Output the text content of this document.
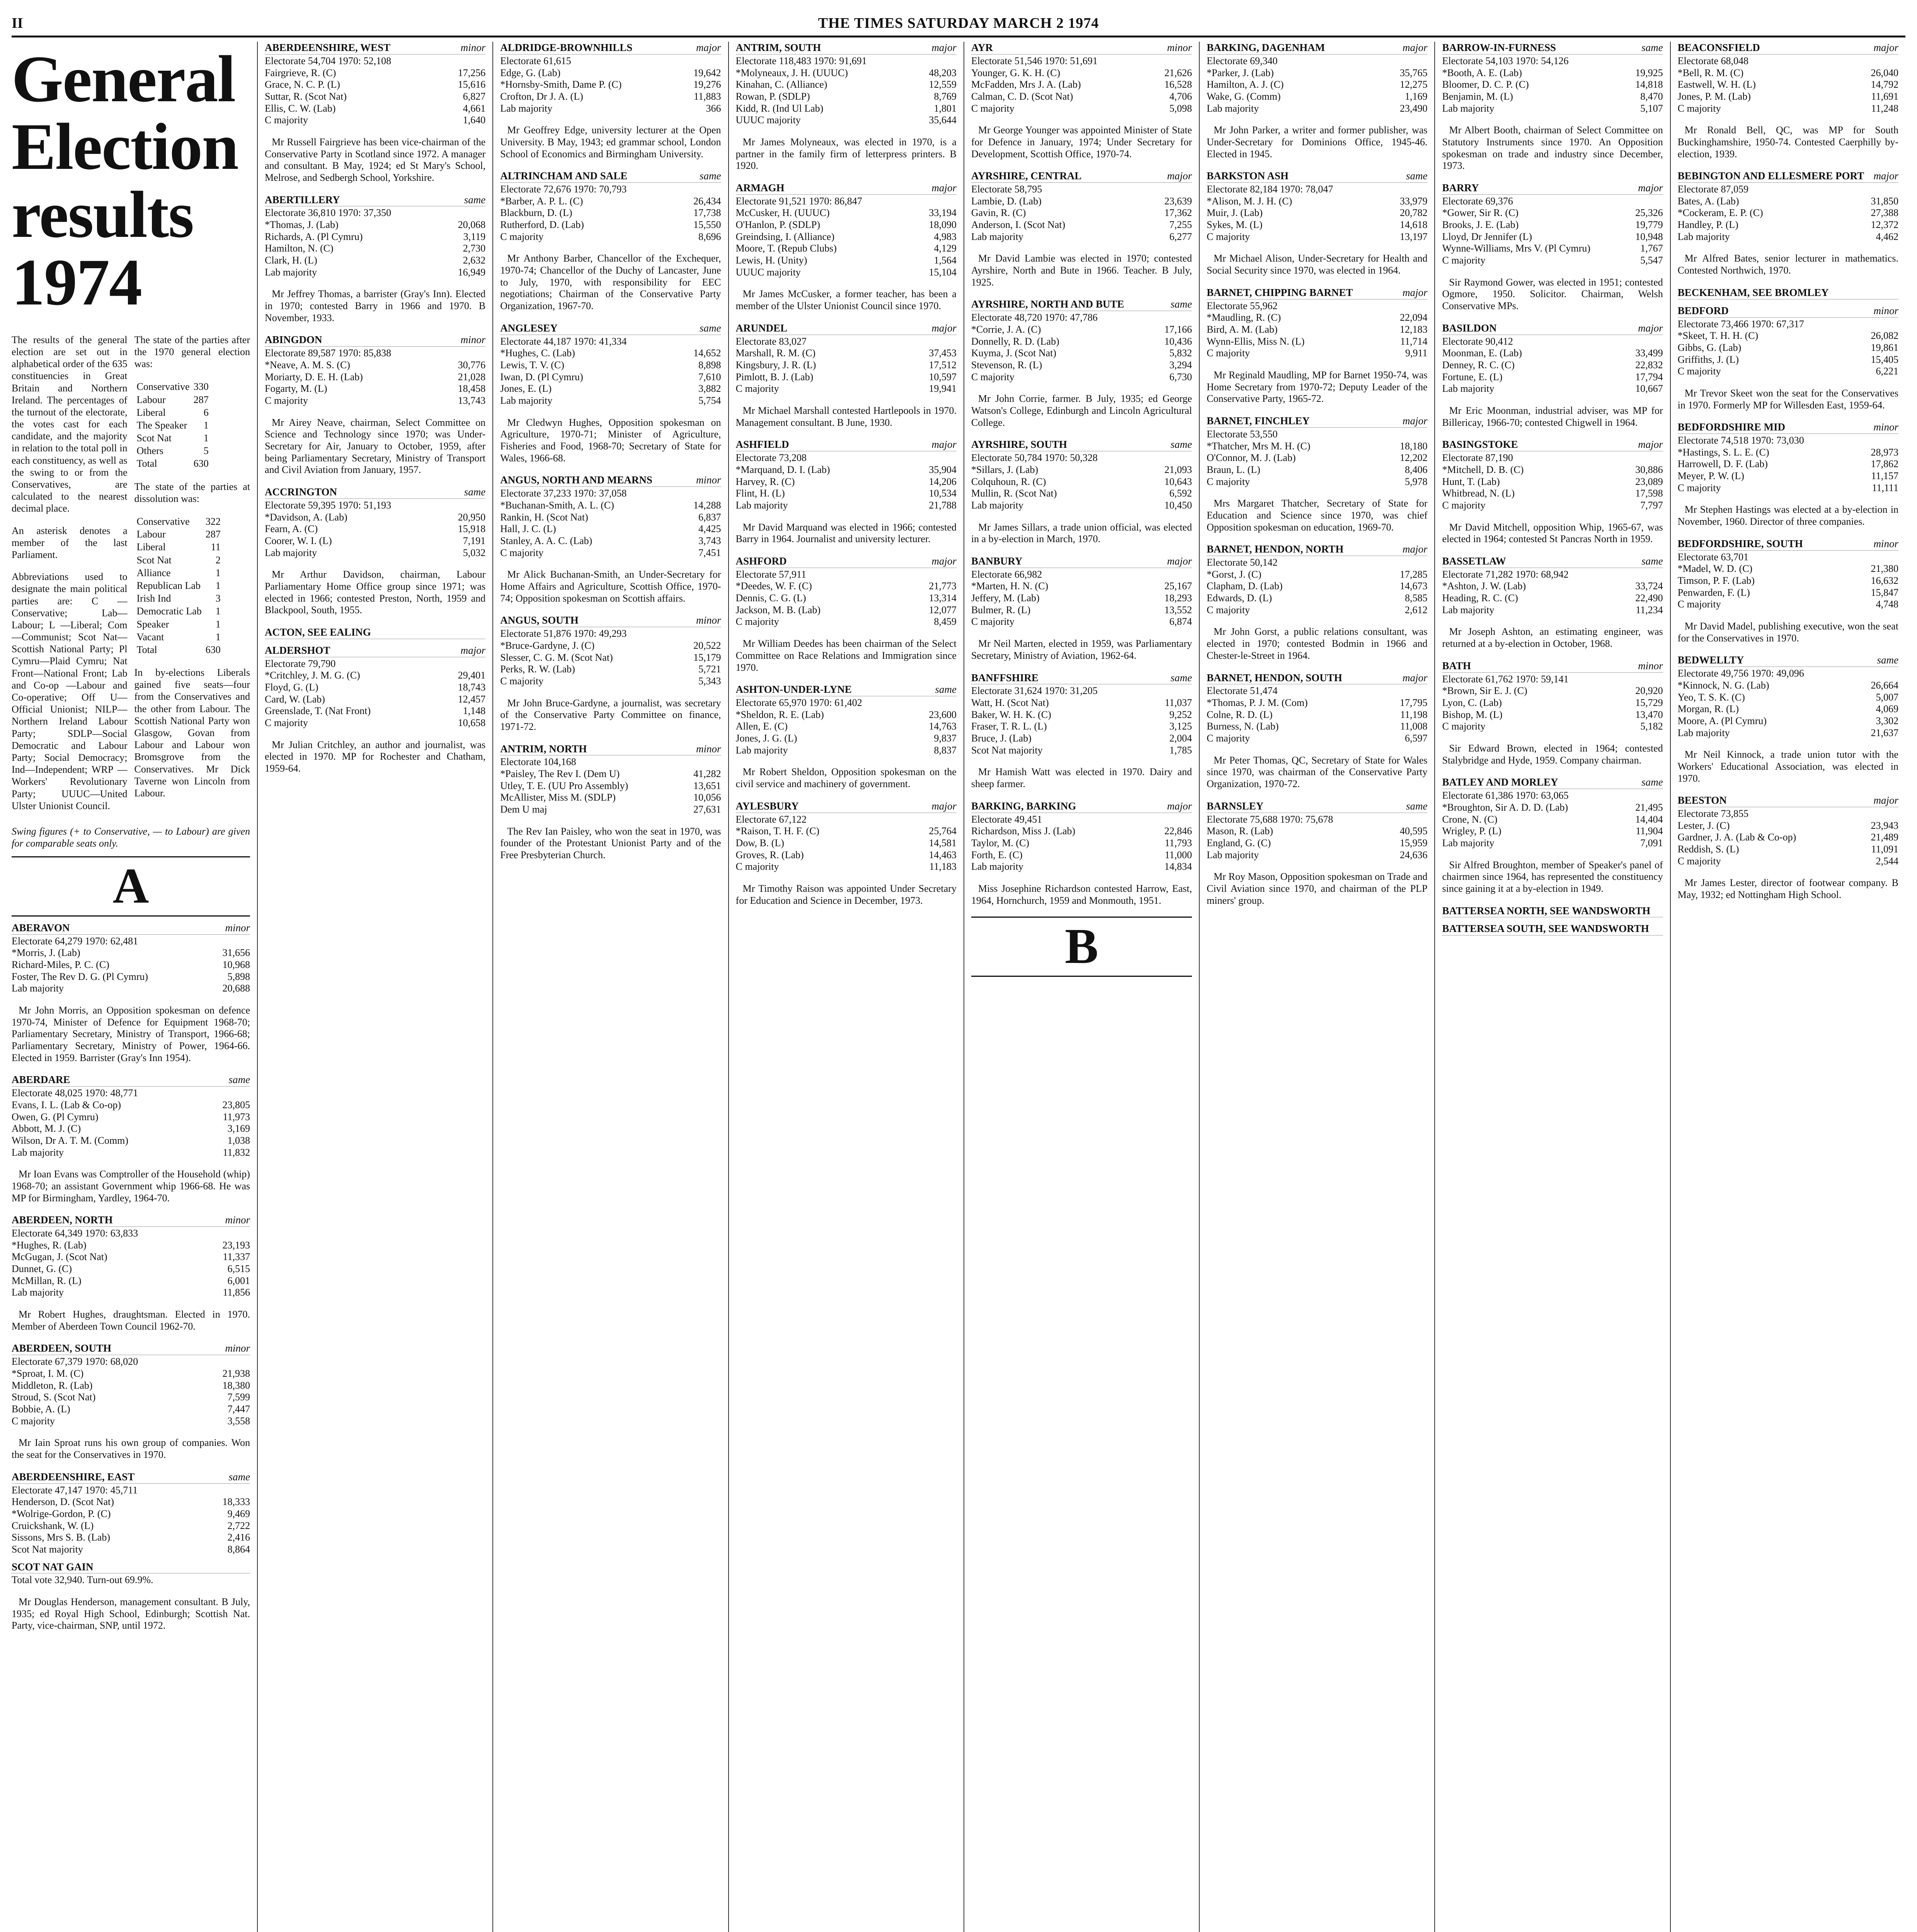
II	THE TIMES SATURDAY MARCH 2 1974
General Election results 1974

The results of the general election are set out in alphabetical order of the 635 constituencies in Great Britain and Northern Ireland. The percentages of the turnout of the electorate, the votes cast for each candidate, and the majority in relation to the total poll in each constituency, as well as the swing to or from the Conservatives, are calculated to the nearest decimal place.

An asterisk denotes a member of the last Parliament.

Abbreviations used to designate the main political parties are: C —Conservative; Lab—Labour; L —Liberal; Com—Communist; Scot Nat—Scottish National Party; Pl Cymru—Plaid Cymru; Nat Front—National Front; Lab and Co-op —Labour and Co-operative; Off U—Official Unionist; NILP—Northern Ireland Labour Party; SDLP—Social Democratic and Labour Party; Social Democracy; Ind—Independent; WRP —Workers' Revolutionary Party; UUUC—United Ulster Unionist Council.

The state of the parties after the 1970 general election was:

Conservative	330
Labour	287
Liberal	6
The Speaker	1
Scot Nat	1
Others	5
Total	630

The state of the parties at dissolution was:

Conservative	322
Labour	287
Liberal	11
Scot Nat	2
Alliance	1
Republican Lab	1
Irish Ind	3
Democratic Lab	1
Speaker	1
Vacant	1
Total	630

In by-elections Liberals gained five seats—four from the Conservatives and the other from Labour. The Scottish National Party won Glasgow, Govan from Labour and Labour won Bromsgrove from the Conservatives. Mr Dick Taverne won Lincoln from Labour.

Swing figures (+ to Conservative, — to Labour) are given for comparable seats only.

A
ABERAVON	minor
Electorate 64,279 1970: 62,481
*Morris, J. (Lab)	31,656
Richard-Miles, P. C. (C)	10,968
Foster, The Rev D. G. (Pl Cymru)	5,898
Lab majority	20,688

Mr John Morris, an Opposition spokesman on defence 1970-74, Minister of Defence for Equipment 1968-70; Parliamentary Secretary, Ministry of Transport, 1966-68; Parliamentary Secretary, Ministry of Power, 1964-66. Elected in 1959. Barrister (Gray's Inn 1954).

ABERDARE	same
Electorate 48,025 1970: 48,771
Evans, I. L. (Lab & Co-op)	23,805
Owen, G. (Pl Cymru)	11,973
Abbott, M. J. (C)	3,169
Wilson, Dr A. T. M. (Comm)	1,038
Lab majority	11,832

Mr Ioan Evans was Comptroller of the Household (whip) 1968-70; an assistant Government whip 1966-68. He was MP for Birmingham, Yardley, 1964-70.

ABERDEEN, NORTH	minor
Electorate 64,349 1970: 63,833
*Hughes, R. (Lab)	23,193
McGugan, J. (Scot Nat)	11,337
Dunnet, G. (C)	6,515
McMillan, R. (L)	6,001
Lab majority	11,856

Mr Robert Hughes, draughtsman. Elected in 1970. Member of Aberdeen Town Council 1962-70.

ABERDEEN, SOUTH	minor
Electorate 67,379 1970: 68,020
*Sproat, I. M. (C)	21,938
Middleton, R. (Lab)	18,380
Stroud, S. (Scot Nat)	7,599
Bobbie, A. (L)	7,447
C majority	3,558

Mr Iain Sproat runs his own group of companies. Won the seat for the Conservatives in 1970.

ABERDEENSHIRE, EAST	same
Electorate 47,147 1970: 45,711
Henderson, D. (Scot Nat)	18,333
*Wolrige-Gordon, P. (C)	9,469
Cruickshank, W. (L)	2,722
Sissons, Mrs S. B. (Lab)	2,416
Scot Nat majority	8,864
SCOT NAT GAIN
Total vote 32,940. Turn-out 69.9%.

Mr Douglas Henderson, management consultant. B July, 1935; ed Royal High School, Edinburgh; Scottish Nat. Party, vice-chairman, SNP, until 1972.

ABERDEENSHIRE, WEST	minor
Electorate 54,704 1970: 52,108
Fairgrieve, R. (C)	17,256
Grace, N. C. P. (L)	15,616
Suttar, R. (Scot Nat)	6,827
Ellis, C. W. (Lab)	4,661
C majority	1,640

Mr Russell Fairgrieve has been vice-chairman of the Conservative Party in Scotland since 1972. A manager and consultant. B May, 1924; ed St Mary's School, Melrose, and Sedbergh School, Yorkshire.

ABERTILLERY	same
Electorate 36,810 1970: 37,350
*Thomas, J. (Lab)	20,068
Richards, A. (Pl Cymru)	3,119
Hamilton, N. (C)	2,730
Clark, H. (L)	2,632
Lab majority	16,949

Mr Jeffrey Thomas, a barrister (Gray's Inn). Elected in 1970; contested Barry in 1966 and 1970. B November, 1933.

ABINGDON	minor
Electorate 89,587 1970: 85,838
*Neave, A. M. S. (C)	30,776
Moriarty, D. E. H. (Lab)	21,028
Fogarty, M. (L)	18,458
C majority	13,743

Mr Airey Neave, chairman, Select Committee on Science and Technology since 1970; was Under-Secretary for Air, January to October, 1959, after being Parliamentary Secretary, Ministry of Transport and Civil Aviation from January, 1957.

ACCRINGTON	same
Electorate 59,395 1970: 51,193
*Davidson, A. (Lab)	20,950
Fearn, A. (C)	15,918
Coorer, W. I. (L)	7,191
Lab majority	5,032

Mr Arthur Davidson, chairman, Labour Parliamentary Home Office group since 1971; was elected in 1966; contested Preston, North, 1959 and Blackpool, South, 1955.

ACTON, SEE EALING
ALDERSHOT	major
Electorate 79,790
*Critchley, J. M. G. (C)	29,401
Floyd, G. (L)	18,743
Card, W. (Lab)	12,457
Greenslade, T. (Nat Front)	1,148
C majority	10,658

Mr Julian Critchley, an author and journalist, was elected in 1970. MP for Rochester and Chatham, 1959-64.

ALDRIDGE-BROWNHILLS	major
Electorate 61,615
Edge, G. (Lab)	19,642
*Hornsby-Smith, Dame P. (C)	19,276
Crofton, Dr J. A. (L)	11,883
Lab majority	366

Mr Geoffrey Edge, university lecturer at the Open University. B May, 1943; ed grammar school, London School of Economics and Birmingham University.

ALTRINCHAM AND SALE	same
Electorate 72,676 1970: 70,793
*Barber, A. P. L. (C)	26,434
Blackburn, D. (L)	17,738
Rutherford, D. (Lab)	15,550
C majority	8,696

Mr Anthony Barber, Chancellor of the Exchequer, 1970-74; Chancellor of the Duchy of Lancaster, June to July, 1970, with responsibility for EEC negotiations; Chairman of the Conservative Party Organization, 1967-70.

ANGLESEY	same
Electorate 44,187 1970: 41,334
*Hughes, C. (Lab)	14,652
Lewis, T. V. (C)	8,898
Iwan, D. (Pl Cymru)	7,610
Jones, E. (L)	3,882
Lab majority	5,754

Mr Cledwyn Hughes, Opposition spokesman on Agriculture, 1970-71; Minister of Agriculture, Fisheries and Food, 1968-70; Secretary of State for Wales, 1966-68.

ANGUS, NORTH AND MEARNS	minor
Electorate 37,233 1970: 37,058
*Buchanan-Smith, A. L. (C)	14,288
Rankin, H. (Scot Nat)	6,837
Hall, J. C. (L)	4,425
Stanley, A. A. C. (Lab)	3,743
C majority	7,451

Mr Alick Buchanan-Smith, an Under-Secretary for Home Affairs and Agriculture, Scottish Office, 1970-74; Opposition spokesman on Scottish affairs.

ANGUS, SOUTH	minor
Electorate 51,876 1970: 49,293
*Bruce-Gardyne, J. (C)	20,522
Slesser, C. G. M. (Scot Nat)	15,179
Perks, R. W. (Lab)	5,721
C majority	5,343

Mr John Bruce-Gardyne, a journalist, was secretary of the Conservative Party Committee on finance, 1971-72.

ANTRIM, NORTH	minor
Electorate 104,168
*Paisley, The Rev I. (Dem U)	41,282
Utley, T. E. (UU Pro Assembly)	13,651
McAllister, Miss M. (SDLP)	10,056
Dem U maj	27,631

The Rev Ian Paisley, who won the seat in 1970, was founder of the Protestant Unionist Party and of the Free Presbyterian Church.

ANTRIM, SOUTH	major
Electorate 118,483 1970: 91,691
*Molyneaux, J. H. (UUUC)	48,203
Kinahan, C. (Alliance)	12,559
Rowan, P. (SDLP)	8,769
Kidd, R. (Ind Ul Lab)	1,801
UUUC majority	35,644

Mr James Molyneaux, was elected in 1970, is a partner in the family firm of letterpress printers. B 1920.

ARMAGH	major
Electorate 91,521 1970: 86,847
McCusker, H. (UUUC)	33,194
O'Hanlon, P. (SDLP)	18,090
Greindsing, I. (Alliance)	4,983
Moore, T. (Repub Clubs)	4,129
Lewis, H. (Unity)	1,564
UUUC majority	15,104

Mr James McCusker, a former teacher, has been a member of the Ulster Unionist Council since 1970.

ARUNDEL	major
Electorate 83,027
Marshall, R. M. (C)	37,453
Kingsbury, J. R. (L)	17,512
Pimlott, B. J. (Lab)	10,597
C majority	19,941

Mr Michael Marshall contested Hartlepools in 1970. Management consultant. B June, 1930.

ASHFIELD	major
Electorate 73,208
*Marquand, D. I. (Lab)	35,904
Harvey, R. (C)	14,206
Flint, H. (L)	10,534
Lab majority	21,788

Mr David Marquand was elected in 1966; contested Barry in 1964. Journalist and university lecturer.

ASHFORD	major
Electorate 57,911
*Deedes, W. F. (C)	21,773
Dennis, C. G. (L)	13,314
Jackson, M. B. (Lab)	12,077
C majority	8,459

Mr William Deedes has been chairman of the Select Committee on Race Relations and Immigration since 1970.

ASHTON-UNDER-LYNE	same
Electorate 65,970 1970: 61,402
*Sheldon, R. E. (Lab)	23,600
Allen, E. (C)	14,763
Jones, J. G. (L)	9,837
Lab majority	8,837

Mr Robert Sheldon, Opposition spokesman on the civil service and machinery of government.

AYLESBURY	major
Electorate 67,122
*Raison, T. H. F. (C)	25,764
Dow, B. (L)	14,581
Groves, R. (Lab)	14,463
C majority	11,183

Mr Timothy Raison was appointed Under Secretary for Education and Science in December, 1973.

AYR	minor
Electorate 51,546 1970: 51,691
Younger, G. K. H. (C)	21,626
McFadden, Mrs J. A. (Lab)	16,528
Calman, C. D. (Scot Nat)	4,706
C majority	5,098

Mr George Younger was appointed Minister of State for Defence in January, 1974; Under Secretary for Development, Scottish Office, 1970-74.

AYRSHIRE, CENTRAL	major
Electorate 58,795
Lambie, D. (Lab)	23,639
Gavin, R. (C)	17,362
Anderson, I. (Scot Nat)	7,255
Lab majority	6,277

Mr David Lambie was elected in 1970; contested Ayrshire, North and Bute in 1966. Teacher. B July, 1925.

AYRSHIRE, NORTH AND BUTE	same
Electorate 48,720 1970: 47,786
*Corrie, J. A. (C)	17,166
Donnelly, R. D. (Lab)	10,436
Kuyma, J. (Scot Nat)	5,832
Stevenson, R. (L)	3,294
C majority	6,730

Mr John Corrie, farmer. B July, 1935; ed George Watson's College, Edinburgh and Lincoln Agricultural College.

AYRSHIRE, SOUTH	same
Electorate 50,784 1970: 50,328
*Sillars, J. (Lab)	21,093
Colquhoun, R. (C)	10,643
Mullin, R. (Scot Nat)	6,592
Lab majority	10,450

Mr James Sillars, a trade union official, was elected in a by-election in March, 1970.

BANBURY	major
Electorate 66,982
*Marten, H. N. (C)	25,167
Jeffery, M. (Lab)	18,293
Bulmer, R. (L)	13,552
C majority	6,874

Mr Neil Marten, elected in 1959, was Parliamentary Secretary, Ministry of Aviation, 1962-64.

BANFFSHIRE	same
Electorate 31,624 1970: 31,205
Watt, H. (Scot Nat)	11,037
Baker, W. H. K. (C)	9,252
Fraser, T. R. L. (L)	3,125
Bruce, J. (Lab)	2,004
Scot Nat majority	1,785

Mr Hamish Watt was elected in 1970. Dairy and sheep farmer.

BARKING, BARKING	major
Electorate 49,451
Richardson, Miss J. (Lab)	22,846
Taylor, M. (C)	11,793
Forth, E. (C)	11,000
Lab majority	14,834

Miss Josephine Richardson contested Harrow, East, 1964, Hornchurch, 1959 and Monmouth, 1951.

B
BARKING, DAGENHAM	major
Electorate 69,340
*Parker, J. (Lab)	35,765
Hamilton, A. J. (C)	12,275
Wake, G. (Comm)	1,169
Lab majority	23,490

Mr John Parker, a writer and former publisher, was Under-Secretary for Dominions Office, 1945-46. Elected in 1945.

BARKSTON ASH	same
Electorate 82,184 1970: 78,047
*Alison, M. J. H. (C)	33,979
Muir, J. (Lab)	20,782
Sykes, M. (L)	14,618
C majority	13,197

Mr Michael Alison, Under-Secretary for Health and Social Security since 1970, was elected in 1964.

BARNET, CHIPPING BARNET	major
Electorate 55,962
*Maudling, R. (C)	22,094
Bird, A. M. (Lab)	12,183
Wynn-Ellis, Miss N. (L)	11,714
C majority	9,911

Mr Reginald Maudling, MP for Barnet 1950-74, was Home Secretary from 1970-72; Deputy Leader of the Conservative Party, 1965-72.

BARNET, FINCHLEY	major
Electorate 53,550
*Thatcher, Mrs M. H. (C)	18,180
O'Connor, M. J. (Lab)	12,202
Braun, L. (L)	8,406
C majority	5,978

Mrs Margaret Thatcher, Secretary of State for Education and Science since 1970, was chief Opposition spokesman on education, 1969-70.

BARNET, HENDON, NORTH	major
Electorate 50,142
*Gorst, J. (C)	17,285
Clapham, D. (Lab)	14,673
Edwards, D. (L)	8,585
C majority	2,612

Mr John Gorst, a public relations consultant, was elected in 1970; contested Bodmin in 1966 and Chester-le-Street in 1964.

BARNET, HENDON, SOUTH	major
Electorate 51,474
*Thomas, P. J. M. (Com)	17,795
Colne, R. D. (L)	11,198
Burness, N. (Lab)	11,008
C majority	6,597

Mr Peter Thomas, QC, Secretary of State for Wales since 1970, was chairman of the Conservative Party Organization, 1970-72.

BARNSLEY	same
Electorate 75,688 1970: 75,678
Mason, R. (Lab)	40,595
England, G. (C)	15,959
Lab majority	24,636

Mr Roy Mason, Opposition spokesman on Trade and Civil Aviation since 1970, and chairman of the PLP miners' group.

BARROW-IN-FURNESS	same
Electorate 54,103 1970: 54,126
*Booth, A. E. (Lab)	19,925
Bloomer, D. C. P. (C)	14,818
Benjamin, M. (L)	8,470
Lab majority	5,107

Mr Albert Booth, chairman of Select Committee on Statutory Instruments since 1970. An Opposition spokesman on trade and industry since December, 1973.

BARRY	major
Electorate 69,376
*Gower, Sir R. (C)	25,326
Brooks, J. E. (Lab)	19,779
Lloyd, Dr Jennifer (L)	10,948
Wynne-Williams, Mrs V. (Pl Cymru)	1,767
C majority	5,547

Sir Raymond Gower, was elected in 1951; contested Ogmore, 1950. Solicitor. Chairman, Welsh Conservative MPs.

BASILDON	major
Electorate 90,412
Moonman, E. (Lab)	33,499
Denney, R. C. (C)	22,832
Fortune, E. (L)	17,794
Lab majority	10,667

Mr Eric Moonman, industrial adviser, was MP for Billericay, 1966-70; contested Chigwell in 1964.

BASINGSTOKE	major
Electorate 87,190
*Mitchell, D. B. (C)	30,886
Hunt, T. (Lab)	23,089
Whitbread, N. (L)	17,598
C majority	7,797

Mr David Mitchell, opposition Whip, 1965-67, was elected in 1964; contested St Pancras North in 1959.

BASSETLAW	same
Electorate 71,282 1970: 68,942
*Ashton, J. W. (Lab)	33,724
Heading, R. C. (C)	22,490
Lab majority	11,234

Mr Joseph Ashton, an estimating engineer, was returned at a by-election in October, 1968.

BATH	minor
Electorate 61,762 1970: 59,141
*Brown, Sir E. J. (C)	20,920
Lyon, C. (Lab)	15,729
Bishop, M. (L)	13,470
C majority	5,182

Sir Edward Brown, elected in 1964; contested Stalybridge and Hyde, 1959. Company chairman.

BATLEY AND MORLEY	same
Electorate 61,386 1970: 63,065
*Broughton, Sir A. D. D. (Lab)	21,495
Crone, N. (C)	14,404
Wrigley, P. (L)	11,904
Lab majority	7,091

Sir Alfred Broughton, member of Speaker's panel of chairmen since 1964, has represented the constituency since gaining it at a by-election in 1949.

BATTERSEA NORTH, SEE WANDSWORTH
BATTERSEA SOUTH, SEE WANDSWORTH
BEACONSFIELD	major
Electorate 68,048
*Bell, R. M. (C)	26,040
Eastwell, W. H. (L)	14,792
Jones, P. M. (Lab)	11,691
C majority	11,248

Mr Ronald Bell, QC, was MP for South Buckinghamshire, 1950-74. Contested Caerphilly by-election, 1939.

BEBINGTON AND ELLESMERE PORT major
Electorate 87,059
Bates, A. (Lab)	31,850
*Cockeram, E. P. (C)	27,388
Handley, P. (L)	12,372
Lab majority	4,462

Mr Alfred Bates, senior lecturer in mathematics. Contested Northwich, 1970.

BECKENHAM, SEE BROMLEY
BEDFORD	minor
Electorate 73,466 1970: 67,317
*Skeet, T. H. H. (C)	26,082
Gibbs, G. (Lab)	19,861
Griffiths, J. (L)	15,405
C majority	6,221

Mr Trevor Skeet won the seat for the Conservatives in 1970. Formerly MP for Willesden East, 1959-64.

BEDFORDSHIRE MID	minor
Electorate 74,518 1970: 73,030
*Hastings, S. L. E. (C)	28,973
Harrowell, D. F. (Lab)	17,862
Meyer, P. W. (L)	11,157
C majority	11,111

Mr Stephen Hastings was elected at a by-election in November, 1960. Director of three companies.

BEDFORDSHIRE, SOUTH	minor
Electorate 63,701
*Madel, W. D. (C)	21,380
Timson, P. F. (Lab)	16,632
Penwarden, F. (L)	15,847
C majority	4,748

Mr David Madel, publishing executive, won the seat for the Conservatives in 1970.

BEDWELLTY	same
Electorate 49,756 1970: 49,096
*Kinnock, N. G. (Lab)	26,664
Yeo, T. S. K. (C)	5,007
Morgan, R. (L)	4,069
Moore, A. (Pl Cymru)	3,302
Lab majority	21,637

Mr Neil Kinnock, a trade union tutor with the Workers' Educational Association, was elected in 1970.

BEESTON	major
Electorate 73,855
Lester, J. (C)	23,943
Gardner, J. A. (Lab & Co-op)	21,489
Reddish, S. (L)	11,091
C majority	2,544

Mr James Lester, director of footwear company. B May, 1932; ed Nottingham High School.
